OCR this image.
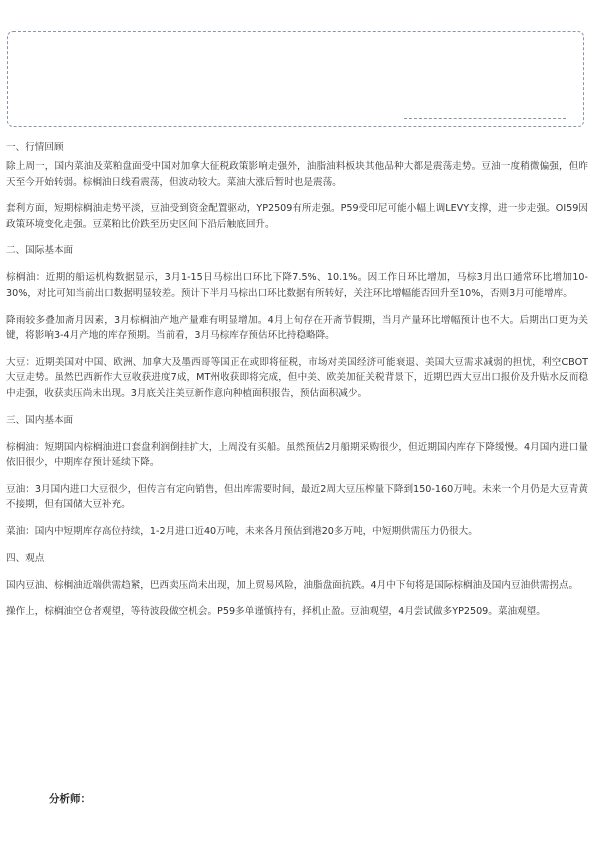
一、行情回顾

除上周一，国内菜油及菜粕盘面受中国对加拿大征税政策影响走强外，油脂油料板块其他品种大都是震荡走势。豆油一度稍微偏强，但昨天至今开始转弱。棕榈油日线看震荡，但波动较大。菜油大涨后暂时也是震荡。

套利方面，短期棕榈油走势平淡，豆油受到资金配置驱动，YP2509有所走强。P59受印尼可能小幅上调LEVY支撑，进一步走强。OI59因政策环境变化走强。豆菜粕比价跌至历史区间下沿后触底回升。

二、国际基本面

棕榈油：近期的船运机构数据显示，3月1-15日马棕出口环比下降7.5%、10.1%。因工作日环比增加，马棕3月出口通常环比增加10-30%，对比可知当前出口数据明显较差。预计下半月马棕出口环比数据有所转好，关注环比增幅能否回升至10%，否则3月可能增库。

降雨较多叠加斋月因素，3月棕榈油产地产量难有明显增加。4月上旬存在开斋节假期，当月产量环比增幅预计也不大。后期出口更为关键，将影响3-4月产地的库存预期。当前看，3月马棕库存预估环比持稳略降。

大豆：近期美国对中国、欧洲、加拿大及墨西哥等国正在或即将征税，市场对美国经济可能衰退、美国大豆需求减弱的担忧，利空CBOT大豆走势。虽然巴西新作大豆收获进度7成，MT州收获即将完成，但中美、欧美加征关税背景下，近期巴西大豆出口报价及升贴水反而稳中走强，收获卖压尚未出现。3月底关注美豆新作意向种植面积报告，预估面积减少。

三、国内基本面

棕榈油：短期国内棕榈油进口套盘利润倒挂扩大，上周没有买船。虽然预估2月船期采购很少，但近期国内库存下降缓慢。4月国内进口量依旧很少，中期库存预计延续下降。

豆油：3月国内进口大豆很少，但传言有定向销售，但出库需要时间，最近2周大豆压榨量下降到150-160万吨。未来一个月仍是大豆青黄不接期，但有国储大豆补充。

菜油：国内中短期库存高位持续，1-2月进口近40万吨，未来各月预估到港20多万吨，中短期供需压力仍很大。

四、观点

国内豆油、棕榈油近端供需趋紧，巴西卖压尚未出现，加上贸易风险，油脂盘面抗跌。4月中下旬将是国际棕榈油及国内豆油供需拐点。

操作上，棕榈油空仓者观望，等待波段做空机会。P59多单谨慎持有，择机止盈。豆油观望，4月尝试做多YP2509。菜油观望。

分析师：
